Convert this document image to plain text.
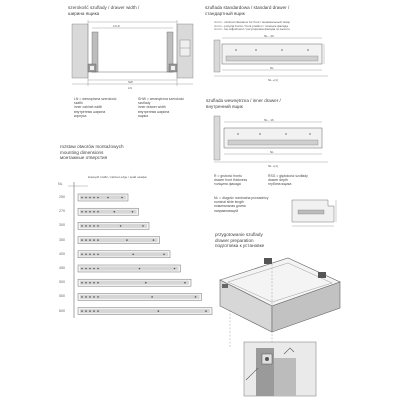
szerokość szuflady / drawer width /
ширина ящика
LN-8
SW
LN
LN = wewnętrzna szerokość
szafki
inner cabinet width
внутренняя ширина
корпуса
SHW = wewnętrzna szerokość
szuflady
inner drawer width
внутренняя ширина
ящика
rozstaw otworów montażowych
mounting dimensions
монтажные отверстия
krawędź szafki / cabinet edge / край шкафа
NL
250
270
300
350
400
450
500
550
600
szuflada standardowa / standard drawer /
стандартный ящик
4 mm - minimal clearance for front / минимальный зазор
4 mm - pozycja frontu / front position / позиция фасада
4 mm - top adjustment / регулировка фасада по высоте
NL - 20
NL
NL +(1)
szuflada wewnętrzna / inner drawer /
внутренний ящик
NL - 16
NL
NL +(1)
R = grubość frontu
drawer front thickness
толщина фасада
RSG = głębokość szuflady
drawer depth
глубина ящика
NL = długość nominalna prowadnicy
nominal slide length
номинальная длина
направляющей
przygotowanie szuflady
drawer preparation
подготовка к установке
